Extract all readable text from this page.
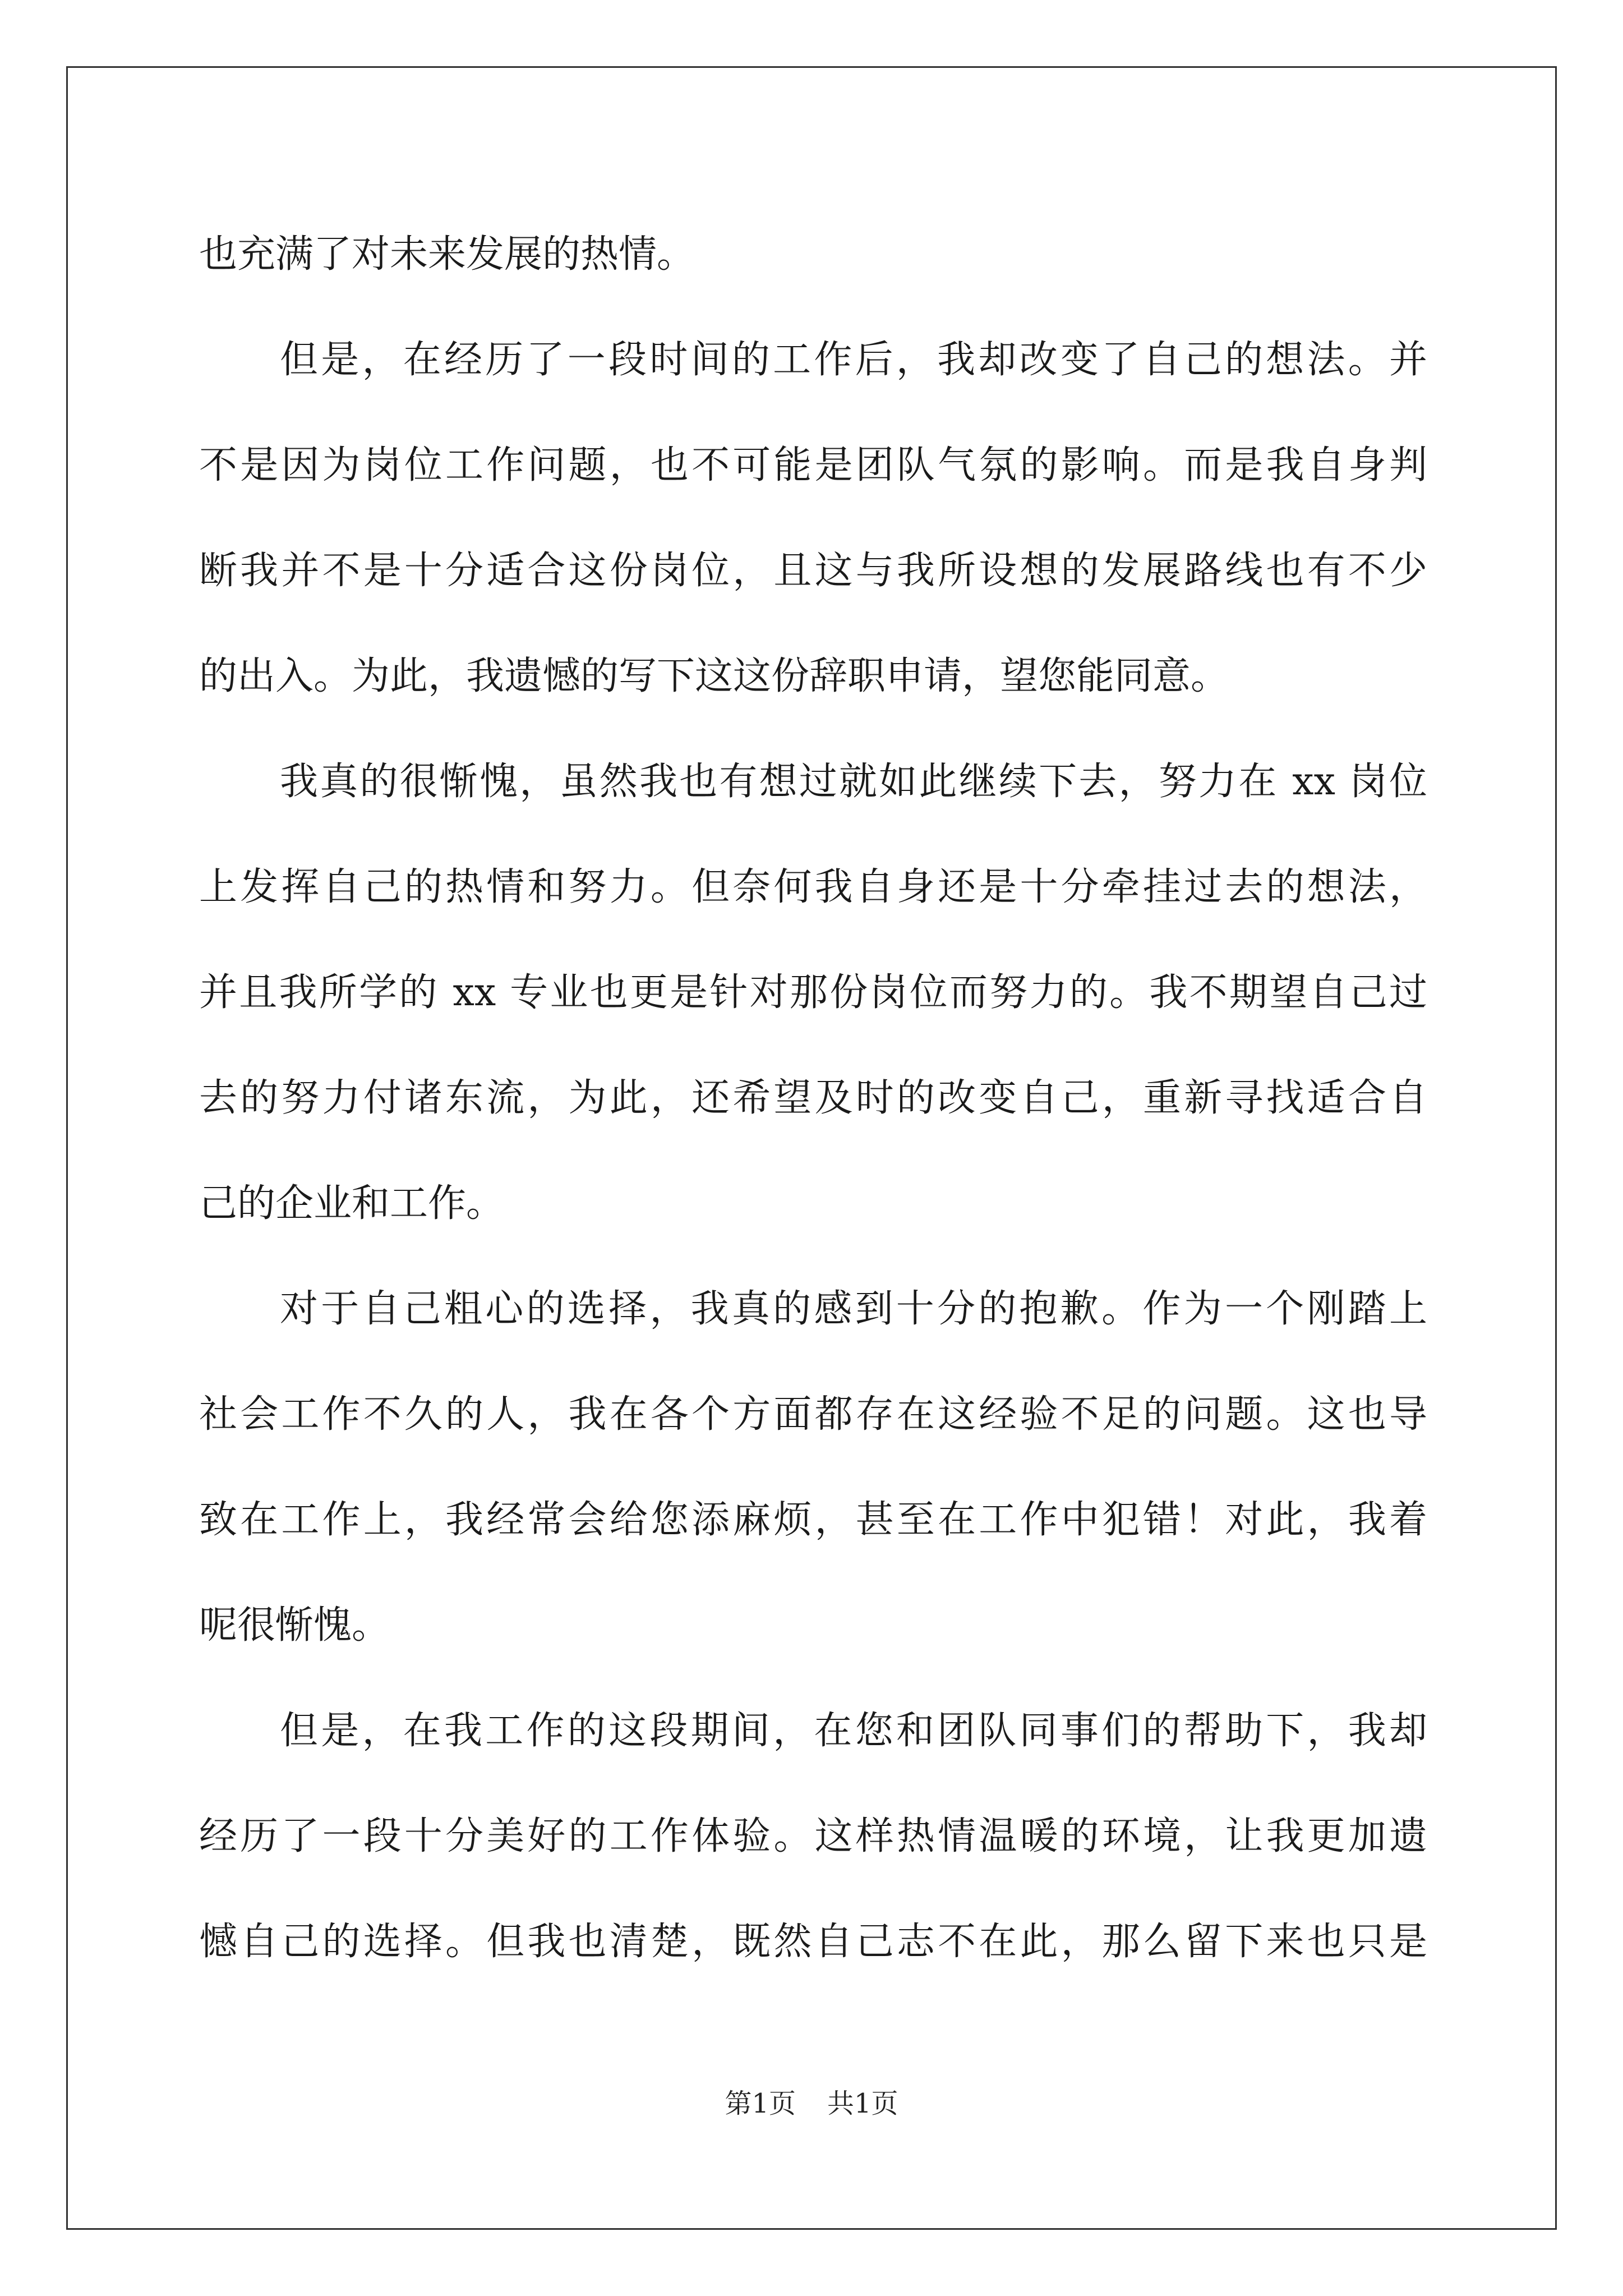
也充满了对未来发展的热情。
但是，在经历了一段时间的工作后，我却改变了自己的想法。并
不是因为岗位工作问题，也不可能是团队气氛的影响。而是我自身判
断我并不是十分适合这份岗位，且这与我所设想的发展路线也有不少
的出入。为此，我遗憾的写下这这份辞职申请，望您能同意。
我真的很惭愧，虽然我也有想过就如此继续下去，努力在 xx 岗位
上发挥自己的热情和努力。但奈何我自身还是十分牵挂过去的想法，
并且我所学的 xx 专业也更是针对那份岗位而努力的。我不期望自己过
去的努力付诸东流，为此，还希望及时的改变自己，重新寻找适合自
己的企业和工作。
对于自己粗心的选择，我真的感到十分的抱歉。作为一个刚踏上
社会工作不久的人，我在各个方面都存在这经验不足的问题。这也导
致在工作上，我经常会给您添麻烦，甚至在工作中犯错！对此，我着
呢很惭愧。
但是，在我工作的这段期间，在您和团队同事们的帮助下，我却
经历了一段十分美好的工作体验。这样热情温暖的环境，让我更加遗
憾自己的选择。但我也清楚，既然自己志不在此，那么留下来也只是
第1页 共1页
